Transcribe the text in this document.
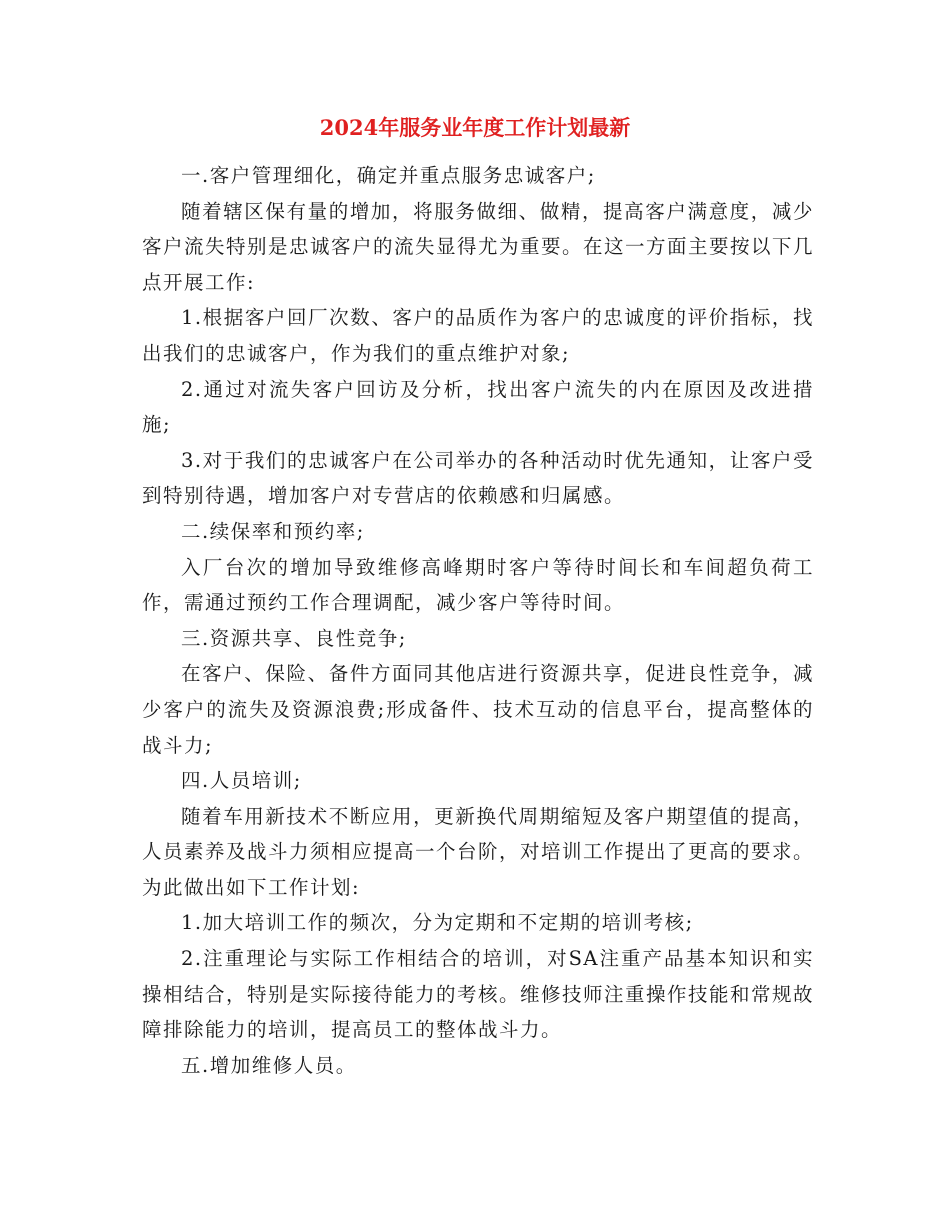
2024年服务业年度工作计划最新

一.客户管理细化，确定并重点服务忠诚客户;

随着辖区保有量的增加，将服务做细、做精，提高客户满意度，减少客户流失特别是忠诚客户的流失显得尤为重要。在这一方面主要按以下几点开展工作:

1.根据客户回厂次数、客户的品质作为客户的忠诚度的评价指标，找出我们的忠诚客户，作为我们的重点维护对象;

2.通过对流失客户回访及分析，找出客户流失的内在原因及改进措施;

3.对于我们的忠诚客户在公司举办的各种活动时优先通知，让客户受到特别待遇，增加客户对专营店的依赖感和归属感。

二.续保率和预约率;

入厂台次的增加导致维修高峰期时客户等待时间长和车间超负荷工作，需通过预约工作合理调配，减少客户等待时间。

三.资源共享、良性竞争;

在客户、保险、备件方面同其他店进行资源共享，促进良性竞争，减少客户的流失及资源浪费;形成备件、技术互动的信息平台，提高整体的战斗力;

四.人员培训;

随着车用新技术不断应用，更新换代周期缩短及客户期望值的提高，人员素养及战斗力须相应提高一个台阶，对培训工作提出了更高的要求。为此做出如下工作计划:

1.加大培训工作的频次，分为定期和不定期的培训考核;

2.注重理论与实际工作相结合的培训，对SA注重产品基本知识和实操相结合，特别是实际接待能力的考核。维修技师注重操作技能和常规故障排除能力的培训，提高员工的整体战斗力。

五.增加维修人员。
